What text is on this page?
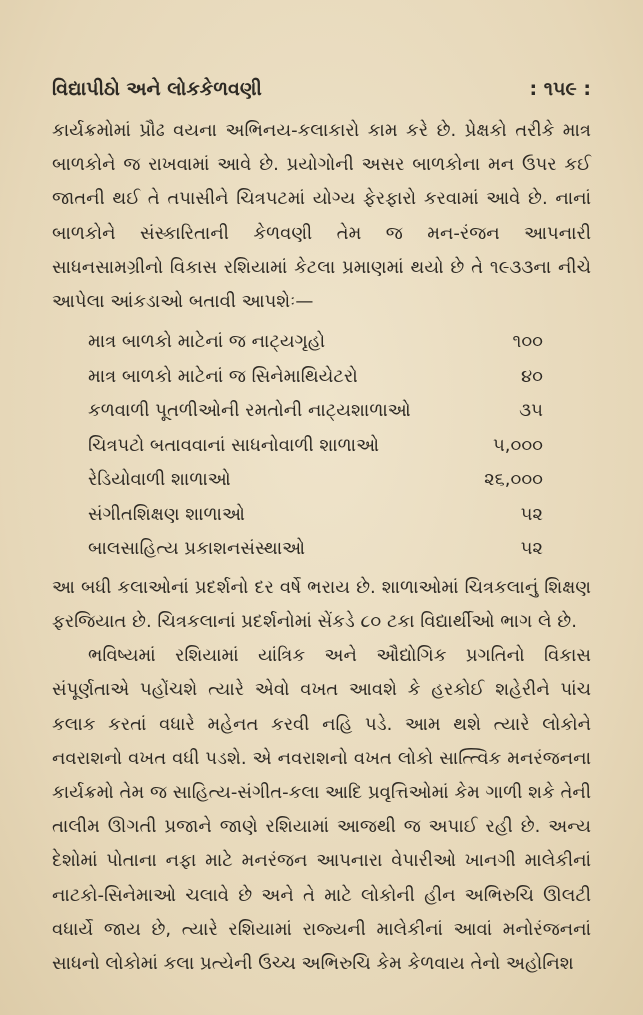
વિદ્યાપીઠો અને લોકકેળવણી	: ૧૫૯ :
કાર્યક્રમોમાં પ્રૌઢ વયના અભિનય-કલાકારો કામ કરે છે. પ્રેક્ષકો તરીકે માત્ર બાળકોને જ રાખવામાં આવે છે. પ્રયોગોની અસર બાળકોના મન ઉપર કઈ જાતની થઈ તે તપાસીને ચિત્રપટમાં યોગ્ય ફેરફારો કરવામાં આવે છે. નાનાં બાળકોને સંસ્કારિતાની કેળવણી તેમ જ મન-રંજન આપનારી સાધનસામગ્રીનો વિકાસ રશિયામાં કેટલા પ્રમાણમાં થયો છે તે ૧૯૩૩ના નીચે આપેલા આંકડાઓ બતાવી આપશેઃ—
માત્ર બાળકો માટેનાં જ નાટ્યગૃહો	૧૦૦
માત્ર બાળકો માટેનાં જ સિનેમાથિયેટરો	૪૦
કળવાળી પૂતળીઓની રમતોની નાટ્યશાળાઓ	૩૫
ચિત્રપટો બતાવવાનાં સાધનોવાળી શાળાઓ	૫,૦૦૦
રેડિયોવાળી શાળાઓ	૨૬,૦૦૦
સંગીતશિક્ષણ શાળાઓ	૫૨
બાલસાહિત્ય પ્રકાશનસંસ્થાઓ	૫૨
આ બધી કલાઓનાં પ્રદર્શનો દર વર્ષે ભરાય છે. શાળાઓમાં ચિત્રકલાનું શિક્ષણ ફરજિયાત છે. ચિત્રકલાનાં પ્રદર્શનોમાં સેંકડે ૮૦ ટકા વિદ્યાર્થીઓ ભાગ લે છે.
ભવિષ્યમાં રશિયામાં યાંત્રિક અને ઔદ્યોગિક પ્રગતિનો વિકાસ સંપૂર્ણતાએ પહોંચશે ત્યારે એવો વખત આવશે કે હરકોઈ શહેરીને પાંચ કલાક કરતાં વધારે મહેનત કરવી નહિ પડે. આમ થશે ત્યારે લોકોને નવરાશનો વખત વધી પડશે. એ નવરાશનો વખત લોકો સાત્ત્વિક મનરંજનના કાર્યક્રમો તેમ જ સાહિત્ય-સંગીત-કલા આદિ પ્રવૃત્તિઓમાં કેમ ગાળી શકે તેની તાલીમ ઊગતી પ્રજાને જાણે રશિયામાં આજથી જ અપાઈ રહી છે. અન્ય દેશોમાં પોતાના નફા માટે મનરંજન આપનારા વેપારીઓ ખાનગી માલેકીનાં નાટકો-સિનેમાઓ ચલાવે છે અને તે માટે લોકોની હીન અભિરુચિ ઊલટી વધાર્યે જાય છે, ત્યારે રશિયામાં રાજ્યની માલેકીનાં આવાં મનોરંજનનાં સાધનો લોકોમાં કલા પ્રત્યેની ઉચ્ચ અભિરુચિ કેમ કેળવાય તેનો અહોનિશ
